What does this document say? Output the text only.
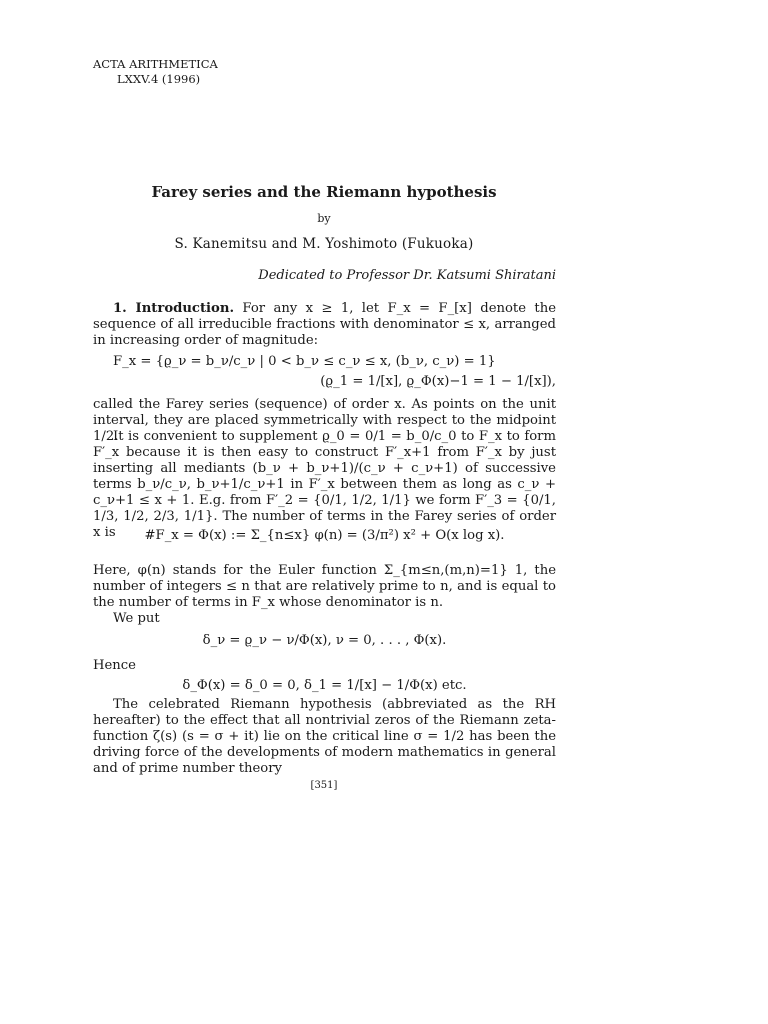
ACTA ARITHMETICA
LXXV.4 (1996)
Farey series and the Riemann hypothesis
by
S. Kanemitsu and M. Yoshimoto (Fukuoka)
Dedicated to Professor Dr. Katsumi Shiratani
1. Introduction. For any x ≥ 1, let F_x = F_[x] denote the sequence of all irreducible fractions with denominator ≤ x, arranged in increasing order of magnitude:
F_x = {ϱ_ν = b_ν/c_ν | 0 < b_ν ≤ c_ν ≤ x, (b_ν, c_ν) = 1}
(ϱ_1 = 1/[x], ϱ_Φ(x)−1 = 1 − 1/[x]),
called the Farey series (sequence) of order x. As points on the unit interval, they are placed symmetrically with respect to the midpoint 1/2.
It is convenient to supplement ϱ_0 = 0/1 = b_0/c_0 to F_x to form F′_x because it is then easy to construct F′_x+1 from F′_x by just inserting all mediants (b_ν + b_ν+1)/(c_ν + c_ν+1) of successive terms b_ν/c_ν, b_ν+1/c_ν+1 in F′_x between them as long as c_ν + c_ν+1 ≤ x + 1. E.g. from F′_2 = {0/1, 1/2, 1/1} we form F′_3 = {0/1, 1/3, 1/2, 2/3, 1/1}. The number of terms in the Farey series of order x is	#F_x = Φ(x) := Σ_{n≤x} φ(n) = (3/π²) x² + O(x log x).
Here, φ(n) stands for the Euler function Σ_{m≤n,(m,n)=1} 1, the number of integers ≤ n that are relatively prime to n, and is equal to the number of terms in F_x whose denominator is n.
We put
δ_ν = ϱ_ν − ν/Φ(x), ν = 0, . . . , Φ(x).
Hence
δ_Φ(x) = δ_0 = 0, δ_1 = 1/[x] − 1/Φ(x) etc.
The celebrated Riemann hypothesis (abbreviated as the RH hereafter) to the effect that all nontrivial zeros of the Riemann zeta-function ζ(s) (s = σ + it) lie on the critical line σ = 1/2 has been the driving force of the developments of modern mathematics in general and of prime number theory
[351]
